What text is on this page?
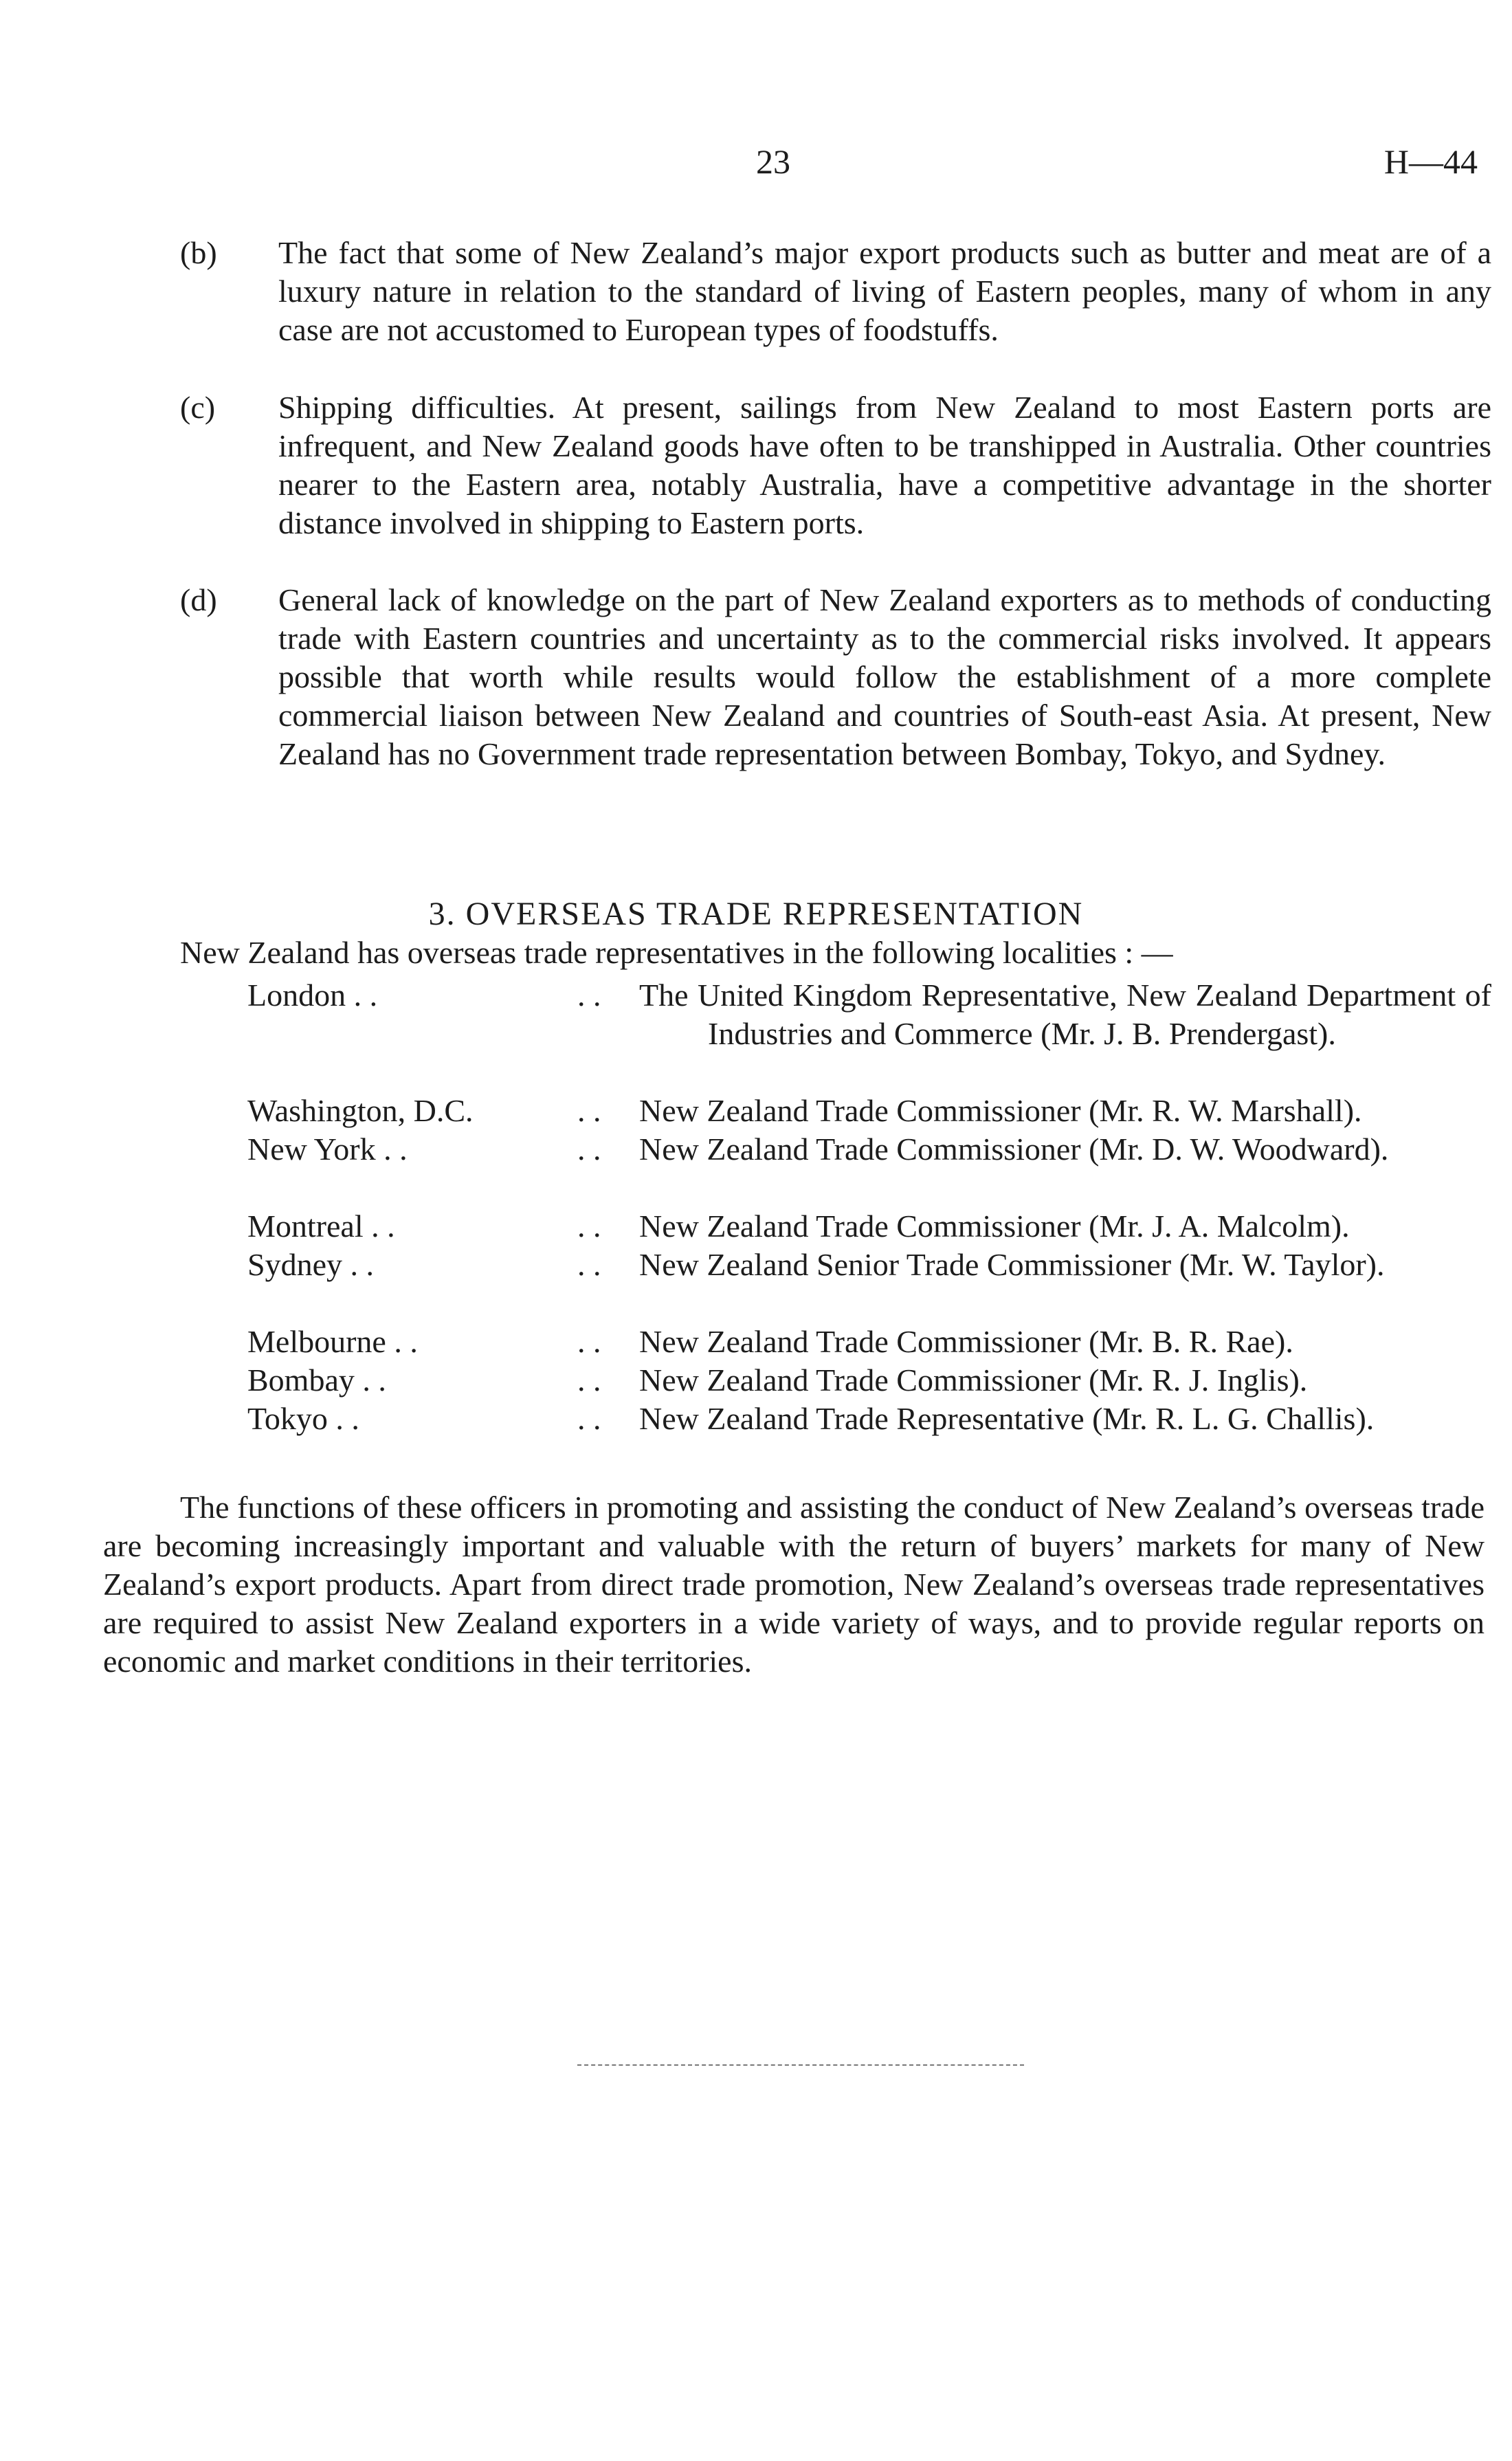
23	H—44
(b)	The fact that some of New Zealand’s major export products such as butter and meat are of a luxury nature in relation to the standard of living of Eastern peoples, many of whom in any case are not accustomed to European types of foodstuffs.
(c)	Shipping difficulties. At present, sailings from New Zealand to most Eastern ports are infrequent, and New Zealand goods have often to be transhipped in Australia. Other countries nearer to the Eastern area, notably Australia, have a competitive advantage in the shorter distance involved in shipping to Eastern ports.
(d)	General lack of knowledge on the part of New Zealand exporters as to methods of conducting trade with Eastern countries and uncertainty as to the commercial risks involved. It appears possible that worth while results would follow the establishment of a more complete commercial liaison between New Zealand and countries of South-east Asia. At present, New Zealand has no Government trade representation between Bombay, Tokyo, and Sydney.
3. OVERSEAS TRADE REPRESENTATION
New Zealand has overseas trade representatives in the following localities : —
London . .	. . The United Kingdom Representative, New Zealand Department of Industries and Commerce (Mr. J. B. Prendergast).
Washington, D.C.	. . New Zealand Trade Commissioner (Mr. R. W. Marshall).
New York . .	. . New Zealand Trade Commissioner (Mr. D. W. Woodward).
Montreal . .	. . New Zealand Trade Commissioner (Mr. J. A. Malcolm).
Sydney . .	. . New Zealand Senior Trade Commissioner (Mr. W. Taylor).
Melbourne . .	. . New Zealand Trade Commissioner (Mr. B. R. Rae).
Bombay . .	. . New Zealand Trade Commissioner (Mr. R. J. Inglis).
Tokyo . .	. . New Zealand Trade Representative (Mr. R. L. G. Challis).
The functions of these officers in promoting and assisting the conduct of New Zealand’s overseas trade are becoming increasingly important and valuable with the return of buyers’ markets for many of New Zealand’s export products. Apart from direct trade promotion, New Zealand’s overseas trade representatives are required to assist New Zealand exporters in a wide variety of ways, and to provide regular reports on economic and market conditions in their territories.
